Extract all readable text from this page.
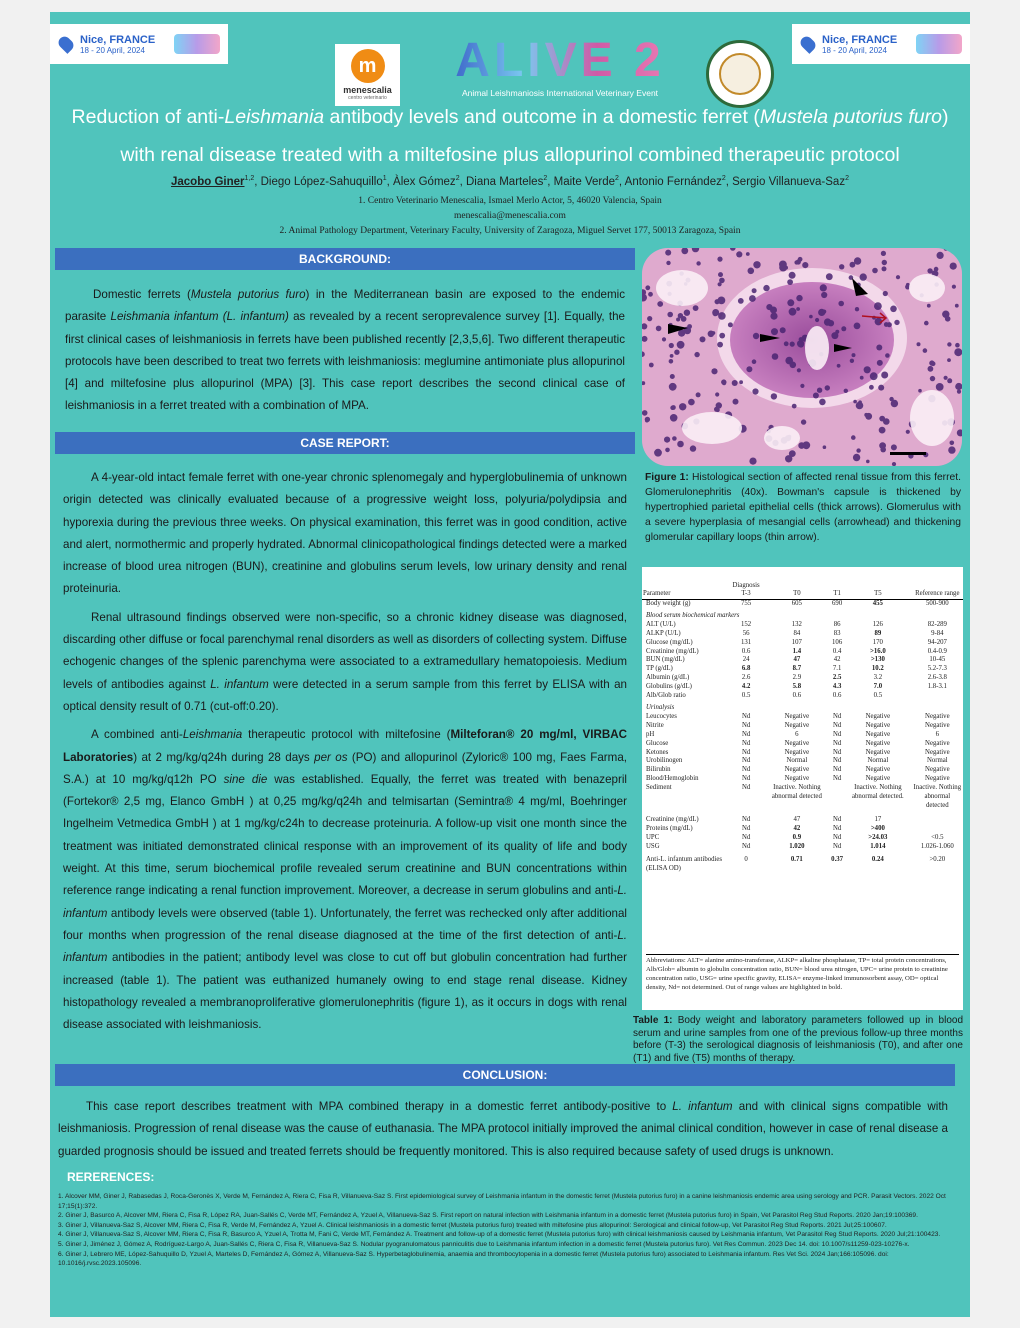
Nice, FRANCE
18 - 20 April, 2024
Nice, FRANCE
18 - 20 April, 2024
m
menescalia
centro veterinario
ALIVE 2
Animal Leishmaniosis International Veterinary Event
Reduction of anti-Leishmania antibody levels and outcome in a domestic ferret (Mustela putorius furo)
with renal disease treated with a miltefosine plus allopurinol combined therapeutic protocol
Jacobo Giner$^{1,2}$, Diego López-Sahuquillo$^1$, Àlex Gómez$^2$, Diana Marteles$^2$, Maite Verde$^2$, Antonio Fernández$^2$, Sergio Villanueva-Saz$^2$
1. Centro Veterinario Menescalia, Ismael Merlo Actor, 5, 46020 Valencia, Spain
menescalia@menescalia.com
2. Animal Pathology Department, Veterinary Faculty, University of Zaragoza, Miguel Servet 177, 50013 Zaragoza, Spain
BACKGROUND:

Domestic ferrets (Mustela putorius furo) in the Mediterranean basin are exposed to the endemic parasite Leishmania infantum (L. infantum) as revealed by a recent seroprevalence survey [1]. Equally, the first clinical cases of leishmaniosis in ferrets have been published recently [2,3,5,6]. Two different therapeutic protocols have been described to treat two ferrets with leishmaniosis: meglumine antimoniate plus allopurinol [4] and miltefosine plus allopurinol (MPA) [3]. This case report describes the second clinical case of leishmaniosis in a ferret treated with a combination of MPA.

CASE REPORT:

A 4-year-old intact female ferret with one-year chronic splenomegaly and hyperglobulinemia of unknown origin detected was clinically evaluated because of a progressive weight loss, polyuria/polydipsia and hyporexia during the previous three weeks. On physical examination, this ferret was in good condition, active and alert, normothermic and properly hydrated. Abnormal clinicopathological findings detected were a marked increase of blood urea nitrogen (BUN), creatinine and globulins serum levels, low urinary density and renal proteinuria.

Renal ultrasound findings observed were non-specific, so a chronic kidney disease was diagnosed, discarding other diffuse or focal parenchymal renal disorders as well as disorders of collecting system. Diffuse echogenic changes of the splenic parenchyma were associated to a extramedullary hematopoiesis. Medium levels of antibodies against L. infantum were detected in a serum sample from this ferret by ELISA with an optical density result of 0.71 (cut-off:0.20).

A combined anti-Leishmania therapeutic protocol with miltefosine (Milteforan® 20 mg/ml, VIRBAC Laboratories) at 2 mg/kg/q24h during 28 days per os (PO) and allopurinol (Zyloric® 100 mg, Faes Farma, S.A.) at 10 mg/kg/q12h PO sine die was established. Equally, the ferret was treated with benazepril (Fortekor® 2,5 mg, Elanco GmbH ) at 0,25 mg/kg/q24h and telmisartan (Semintra® 4 mg/ml, Boehringer Ingelheim Vetmedica GmbH ) at 1 mg/kg/c24h to decrease proteinuria. A follow-up visit one month since the treatment was initiated demonstrated clinical response with an improvement of its quality of life and body weight. At this time, serum biochemical profile revealed serum creatinine and BUN concentrations within reference range indicating a renal function improvement. Moreover, a decrease in serum globulins and anti-L. infantum antibody levels were observed (table 1). Unfortunately, the ferret was rechecked only after additional four months when progression of the renal disease diagnosed at the time of the first detection of anti-L. infantum antibodies in the patient; antibody level was close to cut off but globulin concentration had further increased (table 1). The patient was euthanized humanely owing to end stage renal disease. Kidney histopathology revealed a membranoproliferative glomerulonephritis (figure 1), as it occurs in dogs with renal disease associated with leishmaniosis.

Figure 1: Histological section of affected renal tissue from this ferret. Glomerulonephritis (40x). Bowman's capsule is thickened by hypertrophied parietal epithelial cells (thick arrows). Glomerulus with a severe hyperplasia of mesangial cells (arrowhead) and thickening glomerular capillary loops (thin arrow).
Parameter	Diagnosis T-3	T0	T1	T5	Reference range
Body weight (g)	755	605	690	455	500-900
Blood serum biochemical markers					
ALT (U/L)	152	132	86	126	82-289
ALKP (U/L)	56	84	83	89	9-84
Glucose (mg/dL)	131	107	106	170	94-207
Creatinine (mg/dL)	0.6	1.4	0.4	>16.0	0.4-0.9
BUN (mg/dL)	24	47	42	>130	10-45
TP (g/dL)	6.8	8.7	7.1	10.2	5.2-7.3
Albumin (g/dL)	2.6	2.9	2.5	3.2	2.6-3.8
Globulins (g/dL)	4.2	5.8	4.3	7.0	1.8-3.1
Alb/Glob ratio	0.5	0.6	0.6	0.5	
Urinalysis					
Leucocytes	Nd	Negative	Nd	Negative	Negative
Nitrite	Nd	Negative	Nd	Negative	Negative
pH	Nd	6	Nd	Negative	6
Glucose	Nd	Negative	Nd	Negative	Negative
Ketones	Nd	Negative	Nd	Negative	Negative
Urobilinogen	Nd	Normal	Nd	Normal	Normal
Bilirubin	Nd	Negative	Nd	Negative	Negative
Blood/Hemoglobin	Nd	Negative	Nd	Negative	Negative
Sediment	Nd	Inactive. Nothing abnormal detected		Inactive. Nothing abnormal detected.	Inactive. Nothing abnormal detected
Creatinine (mg/dL)	Nd	47	Nd	17	
Proteins (mg/dL)	Nd	42	Nd	>400	
UPC	Nd	0.9	Nd	>24.03	<0.5
USG	Nd	1.020	Nd	1.014	1.026-1.060
Anti-L. infantum antibodies (ELISA OD)	0	0.71	0.37	0.24	>0.20
Abbreviations: ALT= alanine amino-transferase, ALKP= alkaline phosphatase, TP= total protein concentrations, Alb/Glob= albumin to globulin concentration ratio, BUN= blood urea nitrogen, UPC= urine protein to creatinine concentration ratio, USG= urine specific gravity, ELISA= enzyme-linked immunosorbent assay, OD= optical density, Nd= not determined. Out of range values are highlighted in bold.
Table 1: Body weight and laboratory parameters followed up in blood serum and urine samples from one of the previous follow-up three months before (T-3) the serological diagnosis of leishmaniosis (T0), and after one (T1) and five (T5) months of therapy.
CONCLUSION:

This case report describes treatment with MPA combined therapy in a domestic ferret antibody-positive to L. infantum and with clinical signs compatible with leishmaniosis. Progression of renal disease was the cause of euthanasia. The MPA protocol initially improved the animal clinical condition, however in case of renal disease a guarded prognosis should be issued and treated ferrets should be frequently monitored. This is also required because safety of used drugs is unknown.

RERERENCES:
1. Alcover MM, Giner J, Rabasedas J, Roca-Geronès X, Verde M, Fernández A, Riera C, Fisa R, Villanueva-Saz S. First epidemiological survey of Leishmania infantum in the domestic ferret (Mustela putorius furo) in a canine leishmaniosis endemic area using serology and PCR. Parasit Vectors. 2022 Oct 17;15(1):372.
2. Giner J, Basurco A, Alcover MM, Riera C, Fisa R, López RA, Juan-Sallés C, Verde MT, Fernández A, Yzuel A, Villanueva-Saz S. First report on natural infection with Leishmania infantum in a domestic ferret (Mustela putorius furo) in Spain, Vet Parasitol Reg Stud Reports. 2020 Jan;19:100369.
3. Giner J, Villanueva-Saz S, Alcover MM, Riera C, Fisa R, Verde M, Fernández A, Yzuel A. Clinical leishmaniosis in a domestic ferret (Mustela putorius furo) treated with miltefosine plus allopurinol: Serological and clinical follow-up, Vet Parasitol Reg Stud Reports. 2021 Jul;25:100607.
4. Giner J, Villanueva-Saz S, Alcover MM, Riera C, Fisa R, Basurco A, Yzuel A, Trotta M, Fani C, Verde MT, Fernández A. Treatment and follow-up of a domestic ferret (Mustela putorius furo) with clinical leishmaniosis caused by Leishmania infantum, Vet Parasitol Reg Stud Reports. 2020 Jul;21:100423.
5. Giner J, Jiménez J, Gómez A, Rodríguez-Largo A, Juan-Sallés C, Riera C, Fisa R, Villanueva-Saz S. Nodular pyogranulomatous panniculitis due to Leishmania infantum infection in a domestic ferret (Mustela putorius furo). Vet Res Commun. 2023 Dec 14. doi: 10.1007/s11259-023-10276-x.
6. Giner J, Lebrero ME, López-Sahuquillo D, Yzuel A, Marteles D, Fernández A, Gómez A, Villanueva-Saz S. Hyperbetaglobulinemia, anaemia and thrombocytopenia in a domestic ferret (Mustela putorius furo) associated to Leishmania infantum. Res Vet Sci. 2024 Jan;166:105096. doi: 10.1016/j.rvsc.2023.105096.
